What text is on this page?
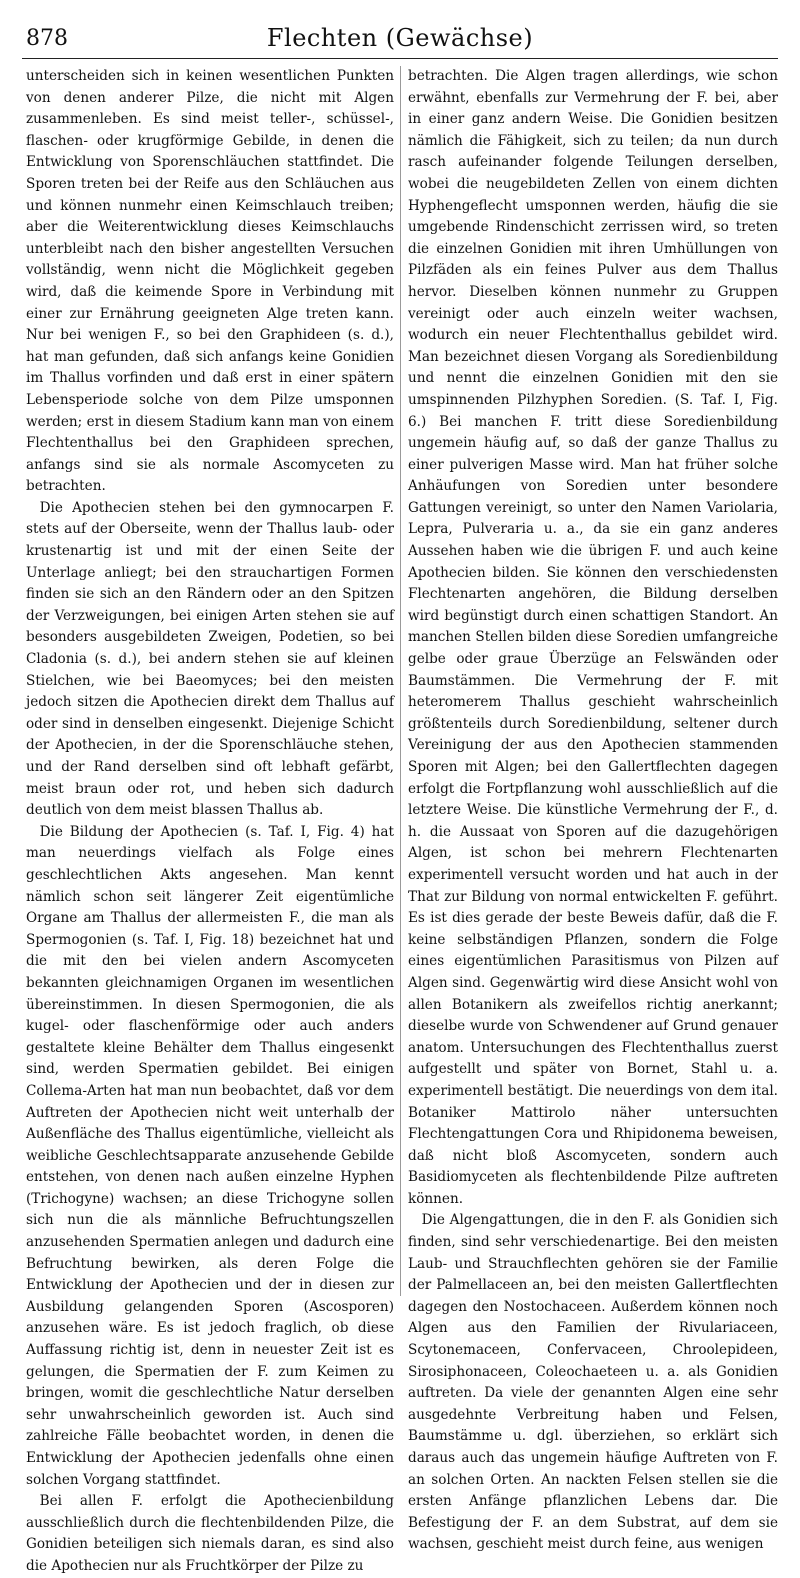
878	Flechten (Gewächse)

unterscheiden sich in keinen wesentlichen Punkten von denen anderer Pilze, die nicht mit Algen zusammenleben. Es sind meist teller-, schüssel-, flaschen- oder krugförmige Gebilde, in denen die Entwicklung von Sporenschläuchen stattfindet. Die Sporen treten bei der Reife aus den Schläuchen aus und können nunmehr einen Keimschlauch treiben; aber die Weiterentwicklung dieses Keimschlauchs unterbleibt nach den bisher angestellten Versuchen vollständig, wenn nicht die Möglichkeit gegeben wird, daß die keimende Spore in Verbindung mit einer zur Ernährung geeigneten Alge treten kann. Nur bei wenigen F., so bei den Graphideen (s. d.), hat man gefunden, daß sich anfangs keine Gonidien im Thallus vorfinden und daß erst in einer spätern Lebensperiode solche von dem Pilze umsponnen werden; erst in diesem Stadium kann man von einem Flechtenthallus bei den Graphideen sprechen, anfangs sind sie als normale Ascomyceten zu betrachten.

Die Apothecien stehen bei den gymnocarpen F. stets auf der Oberseite, wenn der Thallus laub- oder krustenartig ist und mit der einen Seite der Unterlage anliegt; bei den strauchartigen Formen finden sie sich an den Rändern oder an den Spitzen der Verzweigungen, bei einigen Arten stehen sie auf besonders ausgebildeten Zweigen, Podetien, so bei Cladonia (s. d.), bei andern stehen sie auf kleinen Stielchen, wie bei Baeomyces; bei den meisten jedoch sitzen die Apothecien direkt dem Thallus auf oder sind in denselben eingesenkt. Diejenige Schicht der Apothecien, in der die Sporenschläuche stehen, und der Rand derselben sind oft lebhaft gefärbt, meist braun oder rot, und heben sich dadurch deutlich von dem meist blassen Thallus ab.

Die Bildung der Apothecien (s. Taf. I, Fig. 4) hat man neuerdings vielfach als Folge eines geschlechtlichen Akts angesehen. Man kennt nämlich schon seit längerer Zeit eigentümliche Organe am Thallus der allermeisten F., die man als Spermogonien (s. Taf. I, Fig. 18) bezeichnet hat und die mit den bei vielen andern Ascomyceten bekannten gleichnamigen Organen im wesentlichen übereinstimmen. In diesen Spermogonien, die als kugel- oder flaschenförmige oder auch anders gestaltete kleine Behälter dem Thallus eingesenkt sind, werden Spermatien gebildet. Bei einigen Collema-Arten hat man nun beobachtet, daß vor dem Auftreten der Apothecien nicht weit unterhalb der Außenfläche des Thallus eigentümliche, vielleicht als weibliche Geschlechtsapparate anzusehende Gebilde entstehen, von denen nach außen einzelne Hyphen (Trichogyne) wachsen; an diese Trichogyne sollen sich nun die als männliche Befruchtungszellen anzusehenden Spermatien anlegen und dadurch eine Befruchtung bewirken, als deren Folge die Entwicklung der Apothecien und der in diesen zur Ausbildung gelangenden Sporen (Ascosporen) anzusehen wäre. Es ist jedoch fraglich, ob diese Auffassung richtig ist, denn in neuester Zeit ist es gelungen, die Spermatien der F. zum Keimen zu bringen, womit die geschlechtliche Natur derselben sehr unwahrscheinlich geworden ist. Auch sind zahlreiche Fälle beobachtet worden, in denen die Entwicklung der Apothecien jedenfalls ohne einen solchen Vorgang stattfindet.

Bei allen F. erfolgt die Apothecienbildung ausschließlich durch die flechtenbildenden Pilze, die Gonidien beteiligen sich niemals daran, es sind also die Apothecien nur als Fruchtkörper der Pilze zu

betrachten. Die Algen tragen allerdings, wie schon erwähnt, ebenfalls zur Vermehrung der F. bei, aber in einer ganz andern Weise. Die Gonidien besitzen nämlich die Fähigkeit, sich zu teilen; da nun durch rasch aufeinander folgende Teilungen derselben, wobei die neugebildeten Zellen von einem dichten Hyphengeflecht umsponnen werden, häufig die sie umgebende Rindenschicht zerrissen wird, so treten die einzelnen Gonidien mit ihren Umhüllungen von Pilzfäden als ein feines Pulver aus dem Thallus hervor. Dieselben können nunmehr zu Gruppen vereinigt oder auch einzeln weiter wachsen, wodurch ein neuer Flechtenthallus gebildet wird. Man bezeichnet diesen Vorgang als Soredienbildung und nennt die einzelnen Gonidien mit den sie umspinnenden Pilzhyphen Soredien. (S. Taf. I, Fig. 6.) Bei manchen F. tritt diese Soredienbildung ungemein häufig auf, so daß der ganze Thallus zu einer pulverigen Masse wird. Man hat früher solche Anhäufungen von Soredien unter besondere Gattungen vereinigt, so unter den Namen Variolaria, Lepra, Pulveraria u. a., da sie ein ganz anderes Aussehen haben wie die übrigen F. und auch keine Apothecien bilden. Sie können den verschiedensten Flechtenarten angehören, die Bildung derselben wird begünstigt durch einen schattigen Standort. An manchen Stellen bilden diese Soredien umfangreiche gelbe oder graue Überzüge an Felswänden oder Baumstämmen. Die Vermehrung der F. mit heteromerem Thallus geschieht wahrscheinlich größtenteils durch Soredienbildung, seltener durch Vereinigung der aus den Apothecien stammenden Sporen mit Algen; bei den Gallertflechten dagegen erfolgt die Fortpflanzung wohl ausschließlich auf die letztere Weise. Die künstliche Vermehrung der F., d. h. die Aussaat von Sporen auf die dazugehörigen Algen, ist schon bei mehrern Flechtenarten experimentell versucht worden und hat auch in der That zur Bildung von normal entwickelten F. geführt. Es ist dies gerade der beste Beweis dafür, daß die F. keine selbständigen Pflanzen, sondern die Folge eines eigentümlichen Parasitismus von Pilzen auf Algen sind. Gegenwärtig wird diese Ansicht wohl von allen Botanikern als zweifellos richtig anerkannt; dieselbe wurde von Schwendener auf Grund genauer anatom. Untersuchungen des Flechtenthallus zuerst aufgestellt und später von Bornet, Stahl u. a. experimentell bestätigt. Die neuerdings von dem ital. Botaniker Mattirolo näher untersuchten Flechtengattungen Cora und Rhipidonema beweisen, daß nicht bloß Ascomyceten, sondern auch Basidiomyceten als flechtenbildende Pilze auftreten können.

Die Algengattungen, die in den F. als Gonidien sich finden, sind sehr verschiedenartige. Bei den meisten Laub- und Strauchflechten gehören sie der Familie der Palmellaceen an, bei den meisten Gallertflechten dagegen den Nostochaceen. Außerdem können noch Algen aus den Familien der Rivulariaceen, Scytonemaceen, Confervaceen, Chroolepideen, Sirosiphonaceen, Coleochaeteen u. a. als Gonidien auftreten. Da viele der genannten Algen eine sehr ausgedehnte Verbreitung haben und Felsen, Baumstämme u. dgl. überziehen, so erklärt sich daraus auch das ungemein häufige Auftreten von F. an solchen Orten. An nackten Felsen stellen sie die ersten Anfänge pflanzlichen Lebens dar. Die Befestigung der F. an dem Substrat, auf dem sie wachsen, geschieht meist durch feine, aus wenigen
